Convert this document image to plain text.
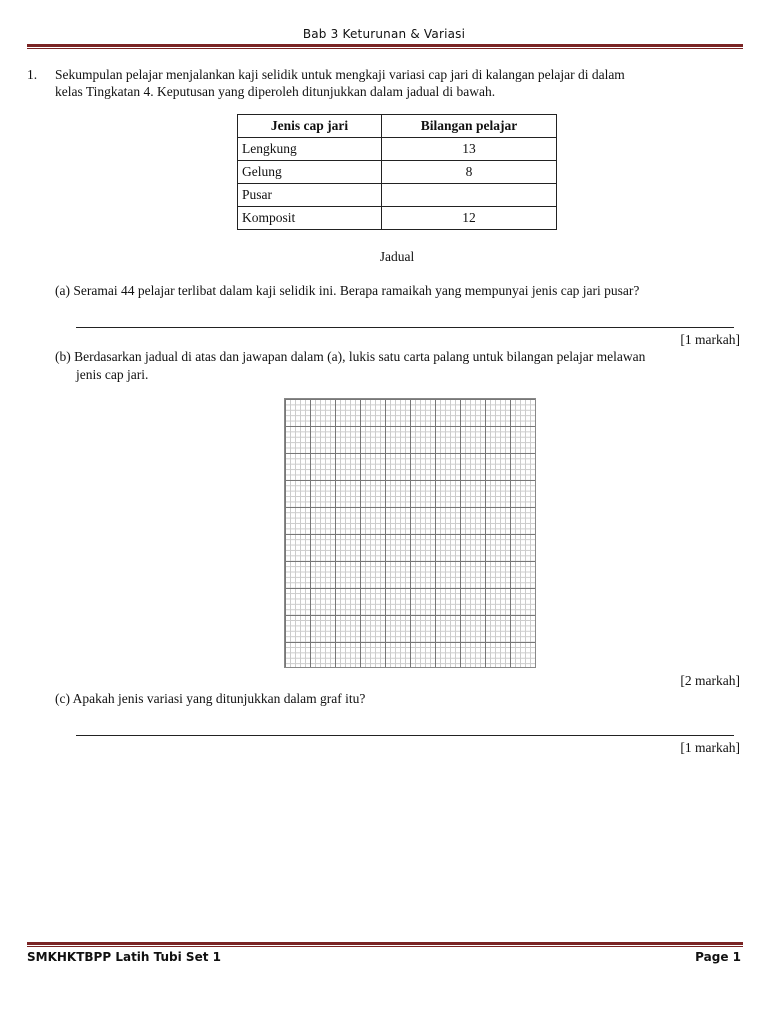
Bab 3 Keturunan & Variasi
1. Sekumpulan pelajar menjalankan kaji selidik untuk mengkaji variasi cap jari di kalangan pelajar di dalam
kelas Tingkatan 4. Keputusan yang diperoleh ditunjukkan dalam jadual di bawah.
Jenis cap jari	Bilangan pelajar
Lengkung	13
Gelung	8
Pusar	
Komposit	12
Jadual
(a) Seramai 44 pelajar terlibat dalam kaji selidik ini. Berapa ramaikah yang mempunyai jenis cap jari pusar?
[1 markah]
(b) Berdasarkan jadual di atas dan jawapan dalam (a), lukis satu carta palang untuk bilangan pelajar melawan
jenis cap jari.
[2 markah]
(c) Apakah jenis variasi yang ditunjukkan dalam graf itu?
[1 markah]
SMKHKTBPP Latih Tubi Set 1	Page 1
